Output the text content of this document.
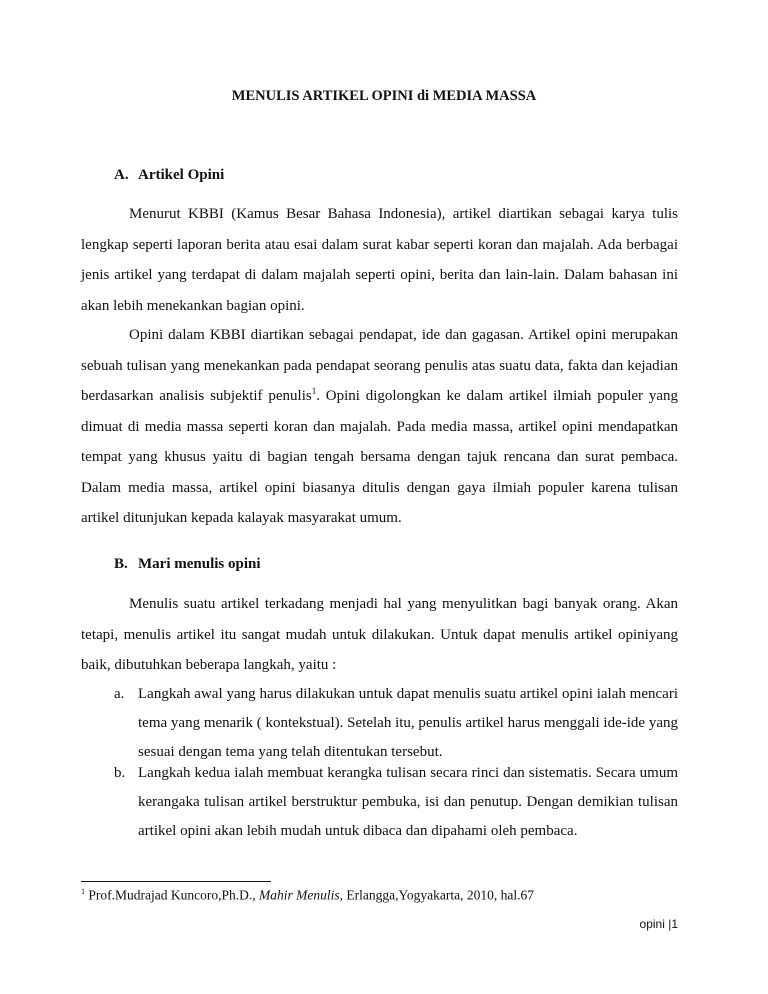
MENULIS ARTIKEL OPINI di MEDIA MASSA
A. Artikel Opini
Menurut KBBI (Kamus Besar Bahasa Indonesia), artikel diartikan sebagai karya tulis lengkap seperti laporan berita atau esai dalam surat kabar seperti koran dan majalah. Ada berbagai jenis artikel yang terdapat di dalam majalah seperti opini, berita dan lain-lain. Dalam bahasan ini akan lebih menekankan bagian opini.
Opini dalam KBBI diartikan sebagai pendapat, ide dan gagasan. Artikel opini merupakan sebuah tulisan yang menekankan pada pendapat seorang penulis atas suatu data, fakta dan kejadian berdasarkan analisis subjektif penulis$^1$. Opini digolongkan ke dalam artikel ilmiah populer yang dimuat di media massa seperti koran dan majalah. Pada media massa, artikel opini mendapatkan tempat yang khusus yaitu di bagian tengah bersama dengan tajuk rencana dan surat pembaca. Dalam media massa, artikel opini biasanya ditulis dengan gaya ilmiah populer karena tulisan artikel ditunjukan kepada kalayak masyarakat umum.
B. Mari menulis opini
Menulis suatu artikel terkadang menjadi hal yang menyulitkan bagi banyak orang. Akan tetapi, menulis artikel itu sangat mudah untuk dilakukan. Untuk dapat menulis artikel opiniyang baik, dibutuhkan beberapa langkah, yaitu :
a. Langkah awal yang harus dilakukan untuk dapat menulis suatu artikel opini ialah mencari tema yang menarik ( kontekstual). Setelah itu, penulis artikel harus menggali ide-ide yang sesuai dengan tema yang telah ditentukan tersebut.
b. Langkah kedua ialah membuat kerangka tulisan secara rinci dan sistematis. Secara umum kerangaka tulisan artikel berstruktur pembuka, isi dan penutup. Dengan demikian tulisan artikel opini akan lebih mudah untuk dibaca dan dipahami oleh pembaca.
$^1$ Prof.Mudrajad Kuncoro,Ph.D., Mahir Menulis, Erlangga,Yogyakarta, 2010, hal.67
opini |1
